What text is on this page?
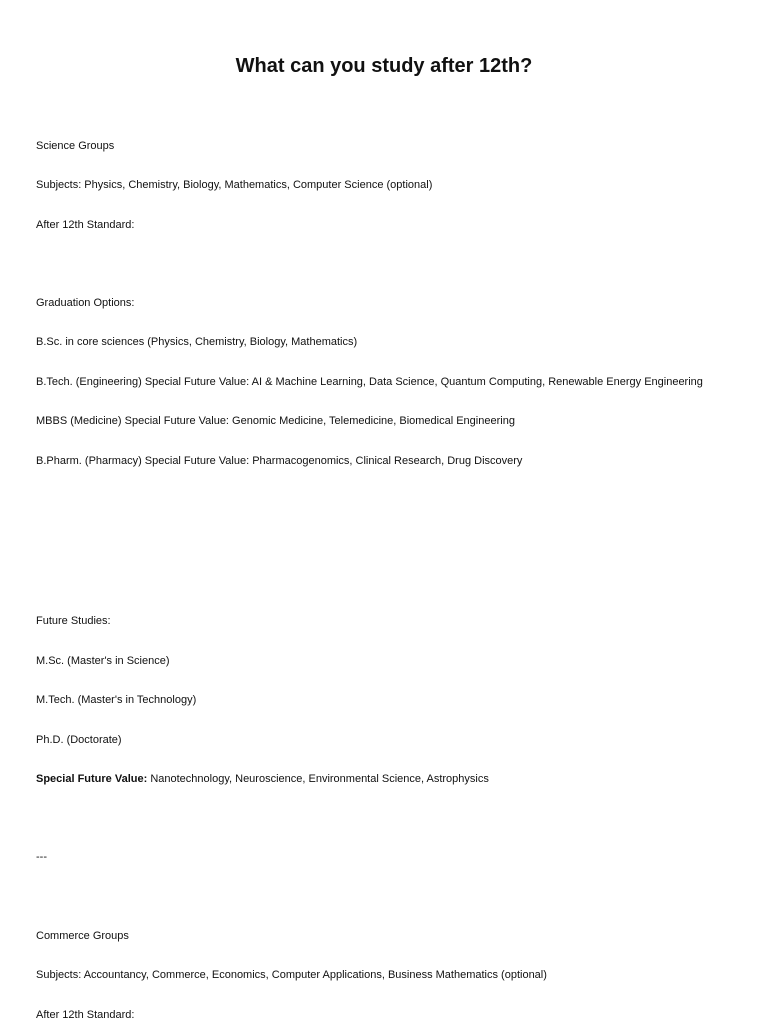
What can you study after 12th?

Science Groups

Subjects: Physics, Chemistry, Biology, Mathematics, Computer Science (optional)

After 12th Standard:

Graduation Options:

B.Sc. in core sciences (Physics, Chemistry, Biology, Mathematics)

B.Tech. (Engineering) Special Future Value: AI & Machine Learning, Data Science, Quantum Computing, Renewable Energy Engineering

MBBS (Medicine) Special Future Value: Genomic Medicine, Telemedicine, Biomedical Engineering

B.Pharm. (Pharmacy) Special Future Value: Pharmacogenomics, Clinical Research, Drug Discovery

Future Studies:

M.Sc. (Master's in Science)

M.Tech. (Master's in Technology)

Ph.D. (Doctorate)

Special Future Value: Nanotechnology, Neuroscience, Environmental Science, Astrophysics

---

Commerce Groups

Subjects: Accountancy, Commerce, Economics, Computer Applications, Business Mathematics (optional)

After 12th Standard:
